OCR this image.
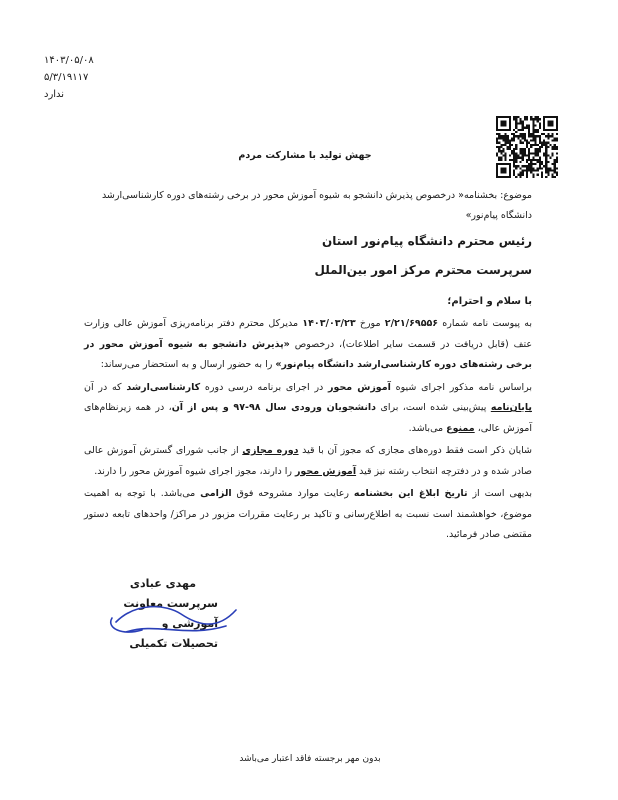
۱۴۰۳/۰۵/۰۸
۵/۳/۱۹۱۱۷
ندارد
جهش تولید با مشارکت مردم
موضوع: بخشنامه« درخصوص پذیرش دانشجو به شیوه آموزش محور در برخی رشته‌های دوره کارشناسی‌ارشد دانشگاه پیام‌نور»
رئیس محترم دانشگاه پیام‌نور استان
سرپرست محترم مرکز امور بین‌الملل
با سلام و احترام؛

به پیوست نامه شماره ۲/۲۱/۶۹۵۵۶ مورخ ۱۴۰۳/۰۳/۲۳ مدیرکل محترم دفتر برنامه‌ریزی آموزش عالی وزارت عتف (قابل دریافت در قسمت سایر اطلاعات)، درخصوص «پذیرش دانشجو به شیوه آموزش محور در برخی رشته‌های دوره کارشناسی‌ارشد دانشگاه پیام‌نور» را به حضور ارسال و به استحضار می‌رساند:

براساس نامه مذکور اجرای شیوه آموزش محور در اجرای برنامه درسی دوره کارشناسی‌ارشد که در آن پایان‌نامه پیش‌بینی شده است، برای دانشجویان ورودی سال ۹۸-۹۷ و پس از آن، در همه زیرنظام‌های آموزش عالی، ممنوع می‌باشد.

شایان ذکر است فقط دوره‌های مجازی که مجوز آن با قید دوره مجازی از جانب شورای گسترش آموزش عالی صادر شده و در دفترچه انتخاب رشته نیز قید آموزش محور را دارند، مجوز اجرای شیوه آموزش محور را دارند.

بدیهی است از تاریخ ابلاغ این بخشنامه رعایت موارد مشروحه فوق الزامی می‌باشد. با توجه به اهمیت موضوع، خواهشمند است نسبت به اطلاع‌رسانی و تاکید بر رعایت مقررات مزبور در مراکز/ واحدهای تابعه دستور مقتضی صادر فرمائید.

مهدی عبادی
سرپرست معاونت آموزشی و
تحصیلات تکمیلی
بدون مهر برجسته فاقد اعتبار می‌باشد
